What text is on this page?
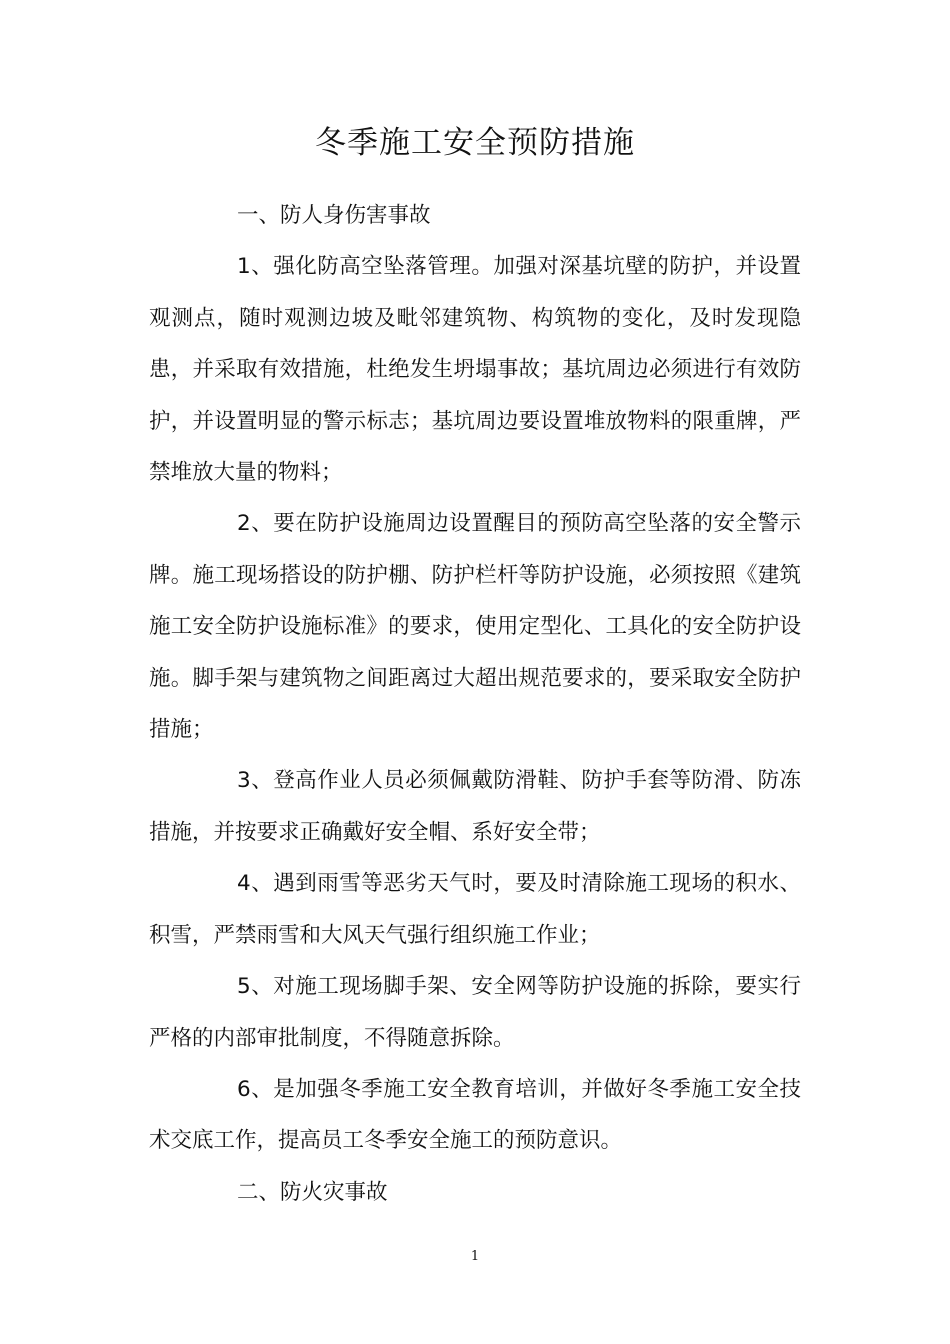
冬季施工安全预防措施

一、防人身伤害事故

1、强化防高空坠落管理。加强对深基坑壁的防护，并设置观测点，随时观测边坡及毗邻建筑物、构筑物的变化，及时发现隐患，并采取有效措施，杜绝发生坍塌事故；基坑周边必须进行有效防护，并设置明显的警示标志；基坑周边要设置堆放物料的限重牌，严禁堆放大量的物料；

2、要在防护设施周边设置醒目的预防高空坠落的安全警示牌。施工现场搭设的防护棚、防护栏杆等防护设施，必须按照《建筑施工安全防护设施标准》的要求，使用定型化、工具化的安全防护设施。脚手架与建筑物之间距离过大超出规范要求的，要采取安全防护措施；

3、登高作业人员必须佩戴防滑鞋、防护手套等防滑、防冻措施，并按要求正确戴好安全帽、系好安全带；

4、遇到雨雪等恶劣天气时，要及时清除施工现场的积水、积雪，严禁雨雪和大风天气强行组织施工作业；

5、对施工现场脚手架、安全网等防护设施的拆除，要实行严格的内部审批制度，不得随意拆除。

6、是加强冬季施工安全教育培训，并做好冬季施工安全技术交底工作，提高员工冬季安全施工的预防意识。

二、防火灾事故

1
